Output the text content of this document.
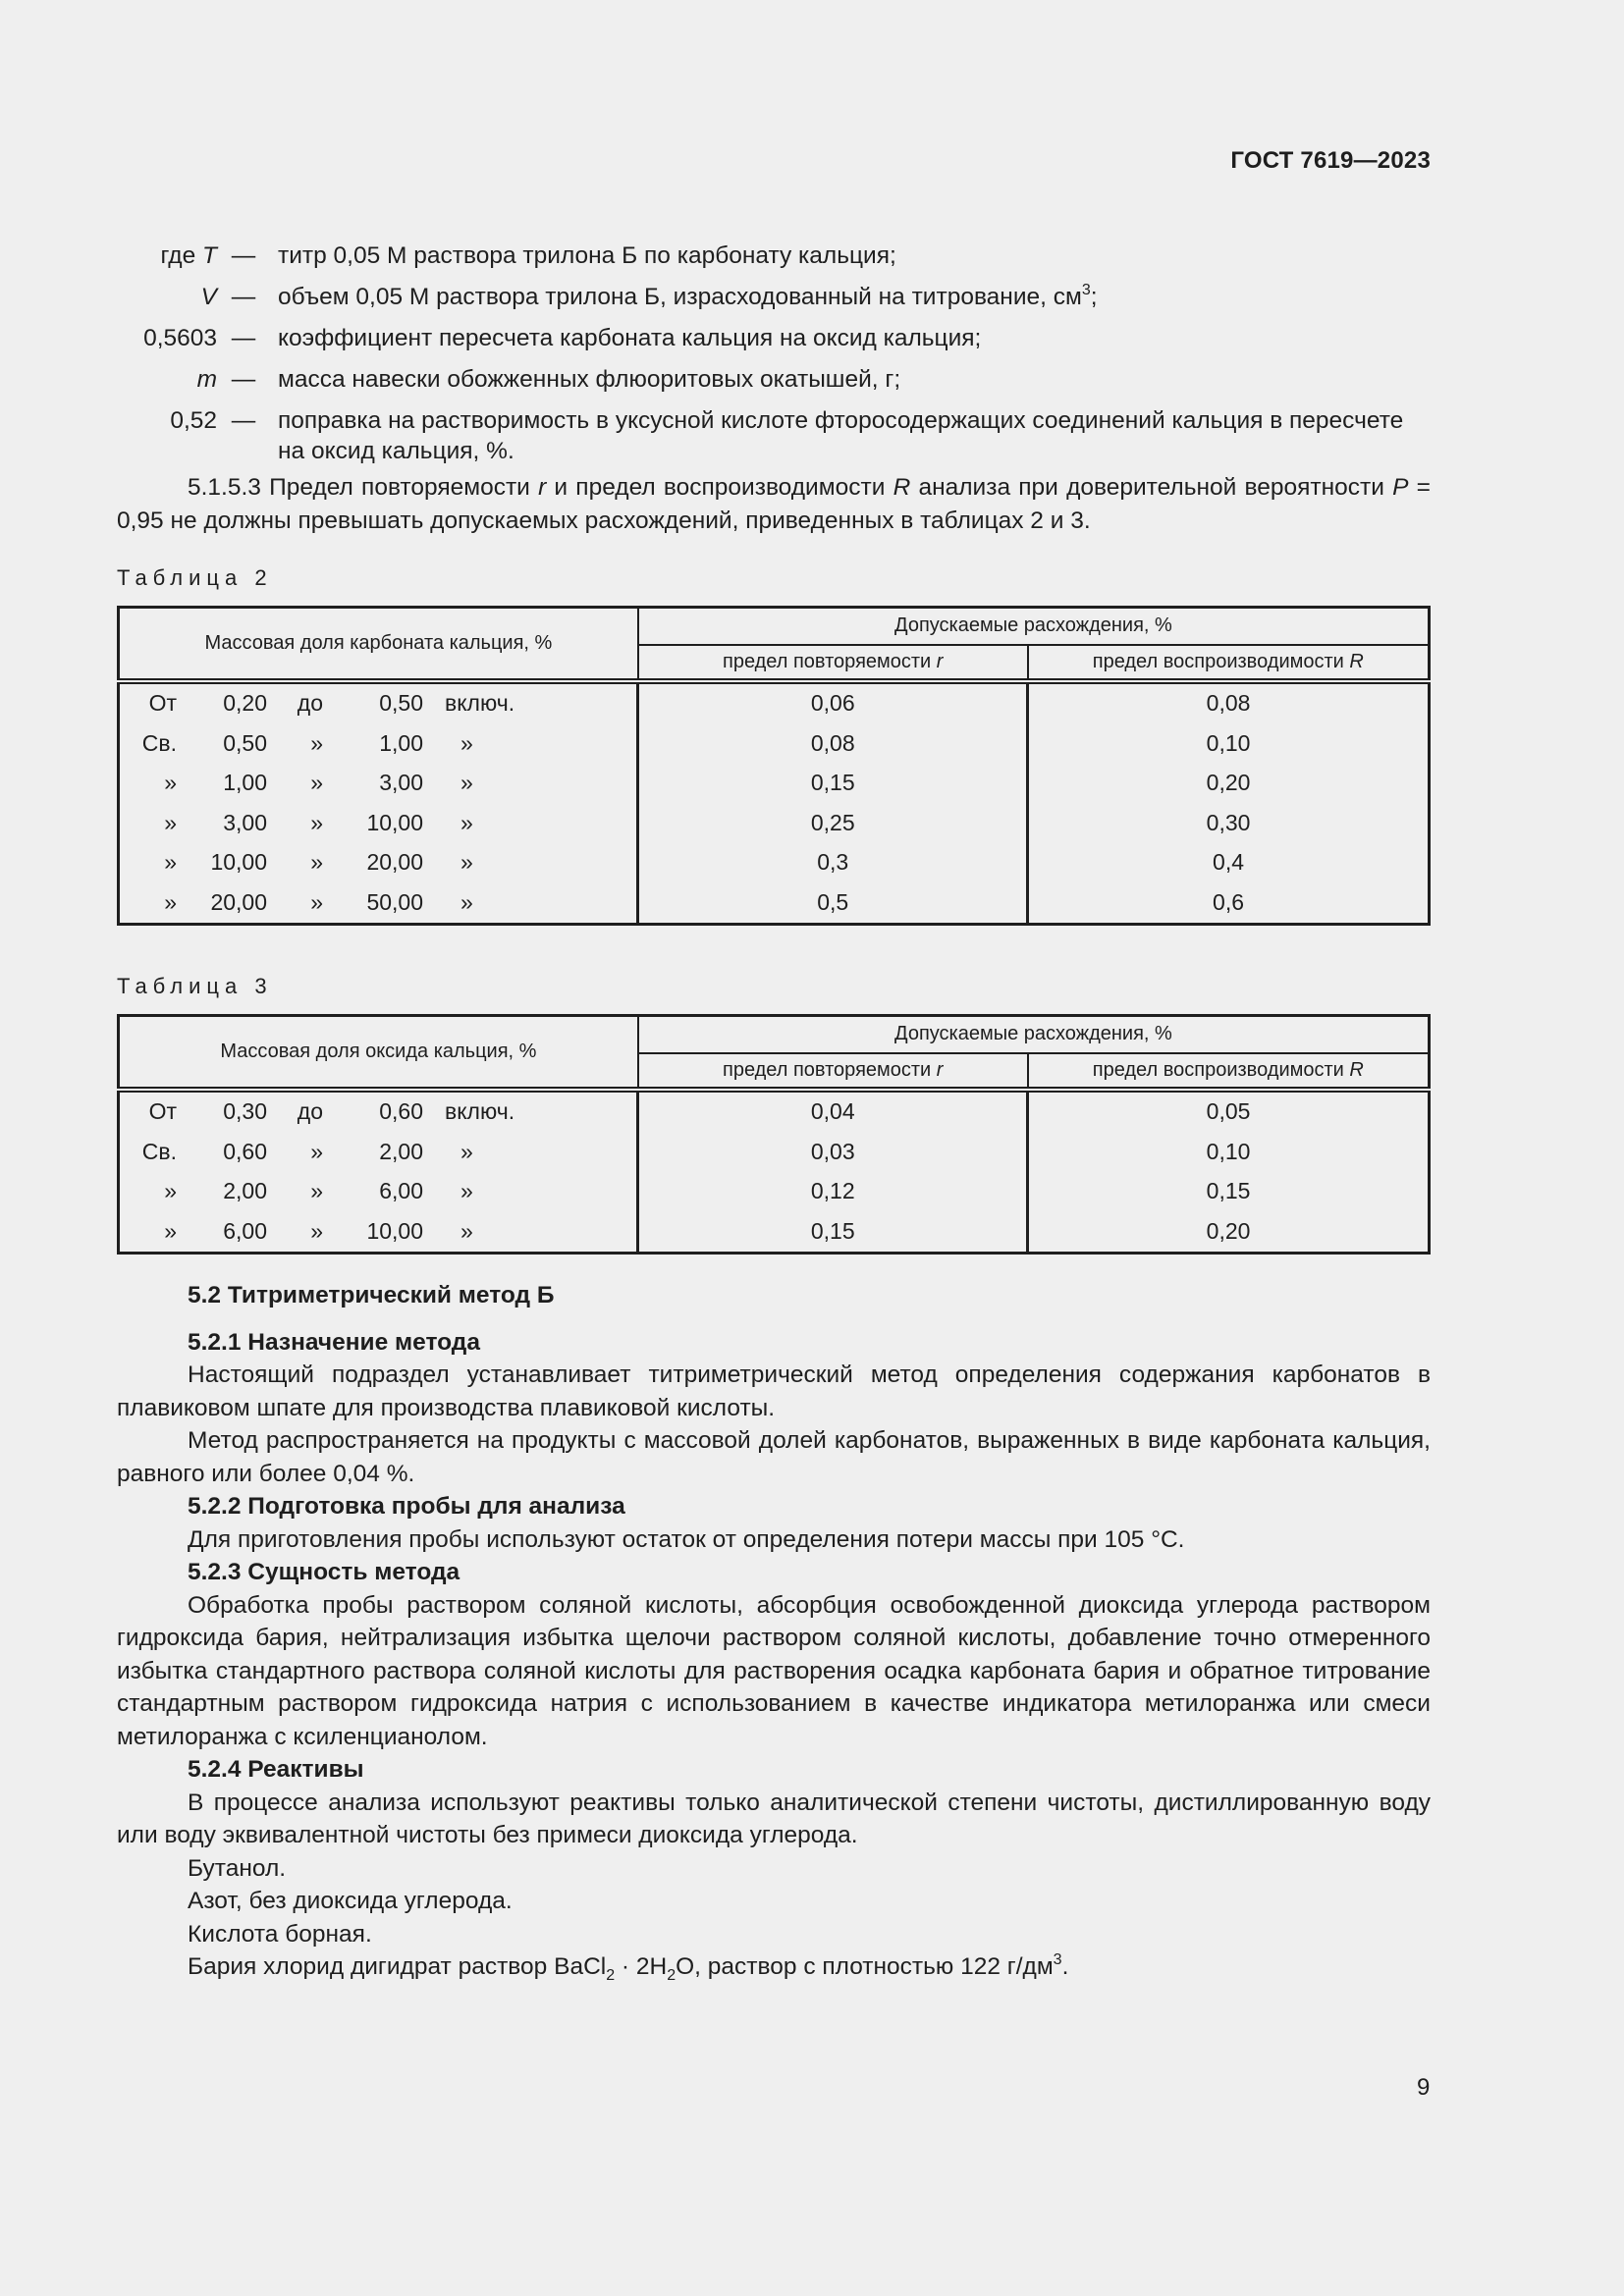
ГОСТ 7619—2023
где T — титр 0,05 М раствора трилона Б по карбонату кальция;
V — объем 0,05 М раствора трилона Б, израсходованный на титрование, $см^3$;
0,5603 — коэффициент пересчета карбоната кальция на оксид кальция;
m — масса навески обожженных флюоритовых окатышей, г;
0,52 — поправка на растворимость в уксусной кислоте фторосодержащих соединений кальция в пересчете на оксид кальция, %.

5.1.5.3 Предел повторяемости r и предел воспроизводимости R анализа при доверительной вероятности P = 0,95 не должны превышать допускаемых расхождений, приведенных в таблицах 2 и 3.

Таблица 2
Массовая доля карбоната кальция, %	Допускаемые расхождения, %	
	предел повторяемости r	предел воспроизводимости R

От 0,20 до 0,50 включ.	0,06	0,08

Св. 0,50 » 1,00 »	0,08	0,10

» 1,00 » 3,00 »	0,15	0,20

» 3,00 » 10,00 »	0,25	0,30

» 10,00 » 20,00 »	0,3	0,4

» 20,00 » 50,00 »	0,5	0,6
Таблица 3
Массовая доля оксида кальция, %	Допускаемые расхождения, %	
	предел повторяемости r	предел воспроизводимости R

От 0,30 до 0,60 включ.	0,04	0,05

Св. 0,60 » 2,00 »	0,03	0,10

» 2,00 » 6,00 »	0,12	0,15

» 6,00 » 10,00 »	0,15	0,20

5.2 Титриметрический метод Б

5.2.1 Назначение метода

Настоящий подраздел устанавливает титриметрический метод определения содержания карбонатов в плавиковом шпате для производства плавиковой кислоты.

Метод распространяется на продукты с массовой долей карбонатов, выраженных в виде карбоната кальция, равного или более 0,04 %.

5.2.2 Подготовка пробы для анализа

Для приготовления пробы используют остаток от определения потери массы при 105 °С.

5.2.3 Сущность метода

Обработка пробы раствором соляной кислоты, абсорбция освобожденной диоксида углерода раствором гидроксида бария, нейтрализация избытка щелочи раствором соляной кислоты, добавление точно отмеренного избытка стандартного раствора соляной кислоты для растворения осадка карбоната бария и обратное титрование стандартным раствором гидроксида натрия с использованием в качестве индикатора метилоранжа или смеси метилоранжа с ксиленцианолом.

5.2.4 Реактивы

В процессе анализа используют реактивы только аналитической степени чистоты, дистиллированную воду или воду эквивалентной чистоты без примеси диоксида углерода.

Бутанол.

Азот, без диоксида углерода.

Кислота борная.

Бария хлорид дигидрат раствор BaCl$_2$ · $2H_2O$, раствор с плотностью 122 $г/дм^3$.

9
